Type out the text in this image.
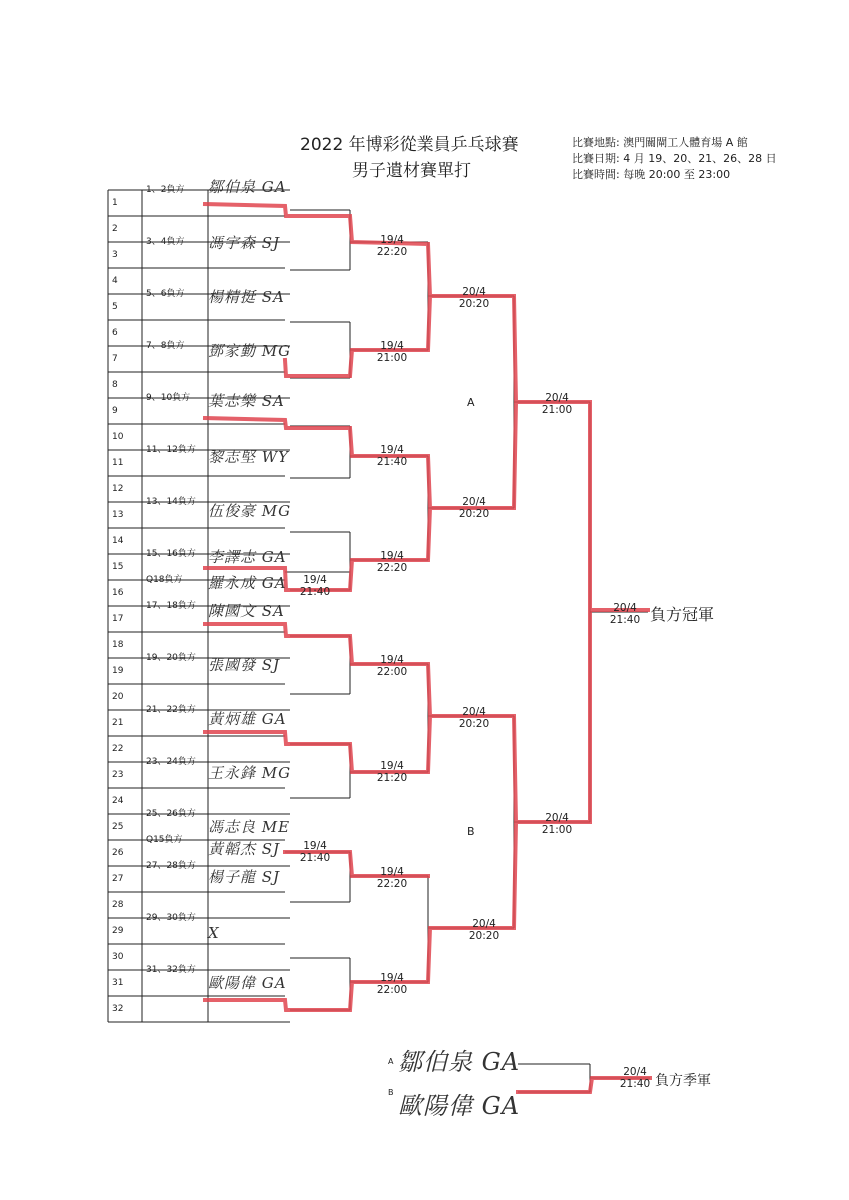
2022 年博彩從業員乒乓球賽
男子遺材賽單打
比賽地點: 澳門關閘工人體育場 A 館
比賽日期: 4 月 19、20、21、26、28 日
比賽時間: 每晚 20:00 至 23:00
1
1、2負方
2
3
3、4負方
4
5
5、6負方
6
7
7、8負方
8
9
9、10負方
10
11
11、12負方
12
13
13、14負方
14
15
15、16負方
16
Q18負方
17
17、18負方
18
19
19、20負方
20
21
21、22負方
22
23
23、24負方
24
25
25、26負方
26
Q15負方
27
27、28負方
28
29
29、30負方
30
31
31、32負方
32
鄒伯泉 GA
馮宇森 SJ
楊精挺 SA
鄧家勤 MG
葉志樂 SA
黎志堅 WY
伍俊豪 MG
李譯志 GA
羅永成 GA
陳國文 SA
張國發 SJ
黃炳雄 GA
王永鋒 MG
馮志良 ME
黃韜杰 SJ
楊子龍 SJ
X
歐陽偉 GA
19/4
22:20
19/4
21:00
19/4
21:40
19/4
22:20
19/4
21:40
19/4
22:00
19/4
21:20
19/4
21:40
19/4
22:20
19/4
22:00
20/4
20:20
20/4
20:20
20/4
20:20
20/4
20:20
20/4
21:00
20/4
21:00
20/4
21:40
20/4
21:40
A
B
負方冠軍
A
B
鄒伯泉 GA
歐陽偉 GA
負方季軍
